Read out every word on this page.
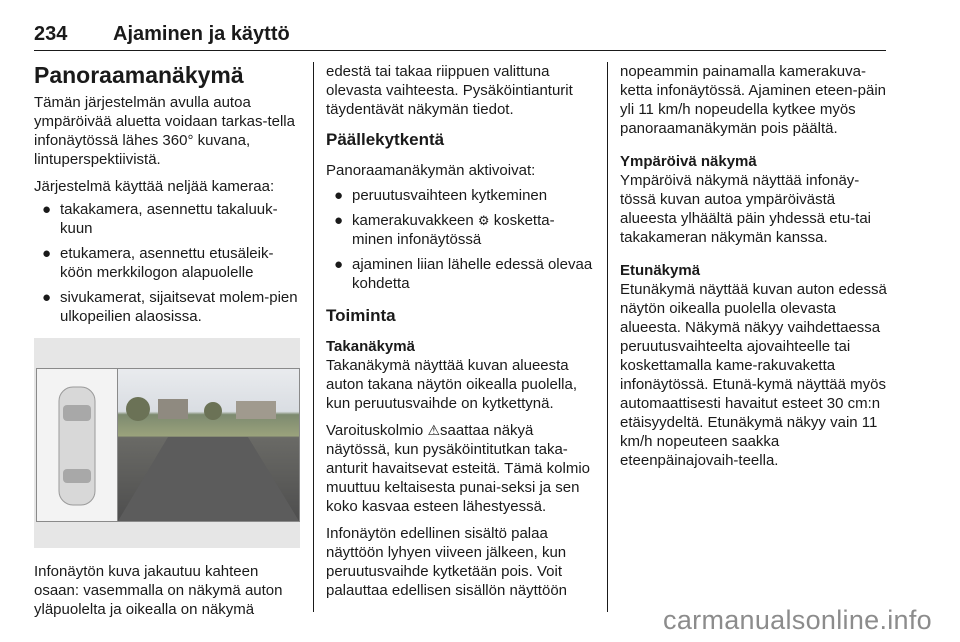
234 Ajaminen ja käyttö
Panoraamanäkymä

Tämän järjestelmän avulla autoa ympäröivää aluetta voidaan tarkas-tella infonäytössä lähes 360° kuvana, lintuperspektiivistä.

Järjestelmä käyttää neljää kameraa:

● takakamera, asennettu takaluuk-kuun
● etukamera, asennettu etusäleik-köön merkkilogon alapuolelle
● sivukamerat, sijaitsevat molem-pien ulkopeilien alaosissa.

Infonäytön kuva jakautuu kahteen osaan: vasemmalla on näkymä auton yläpuolelta ja oikealla on näkymä

edestä tai takaa riippuen valittuna olevasta vaihteesta. Pysäköintianturit täydentävät näkymän tiedot.

Päällekytkentä

Panoraamanäkymän aktivoivat:

● peruutusvaihteen kytkeminen
● kamerakuvakkeen ⚙ kosketta-minen infonäytössä
● ajaminen liian lähelle edessä olevaa kohdetta
Toiminta

Takanäkymä
Takanäkymä näyttää kuvan alueesta auton takana näytön oikealla puolella, kun peruutusvaihde on kytkettynä.

Varoituskolmio ⚠saattaa näkyä näytössä, kun pysäköintitutkan taka-anturit havaitsevat esteitä. Tämä kolmio muuttuu keltaisesta punai-seksi ja sen koko kasvaa esteen lähestyessä.

Infonäytön edellinen sisältö palaa näyttöön lyhyen viiveen jälkeen, kun peruutusvaihde kytketään pois. Voit palauttaa edellisen sisällön näyttöön

nopeammin painamalla kamerakuva-ketta infonäytössä. Ajaminen eteen-päin yli 11 km/h nopeudella kytkee myös panoraamanäkymän pois päältä.

Ympäröivä näkymä
Ympäröivä näkymä näyttää infonäy-tössä kuvan autoa ympäröivästä alueesta ylhäältä päin yhdessä etu-tai takakameran näkymän kanssa.

Etunäkymä
Etunäkymä näyttää kuvan auton edessä näytön oikealla puolella olevasta alueesta. Näkymä näkyy vaihdettaessa peruutusvaihteelta ajovaihteelle tai koskettamalla kame-rakuvaketta infonäytössä. Etunä-kymä näyttää myös automaattisesti havaitut esteet 30 cm:n etäisyydeltä. Etunäkymä näkyy vain 11 km/h nopeuteen saakka eteenpäinajovaih-teella.

carmanualsonline.info
